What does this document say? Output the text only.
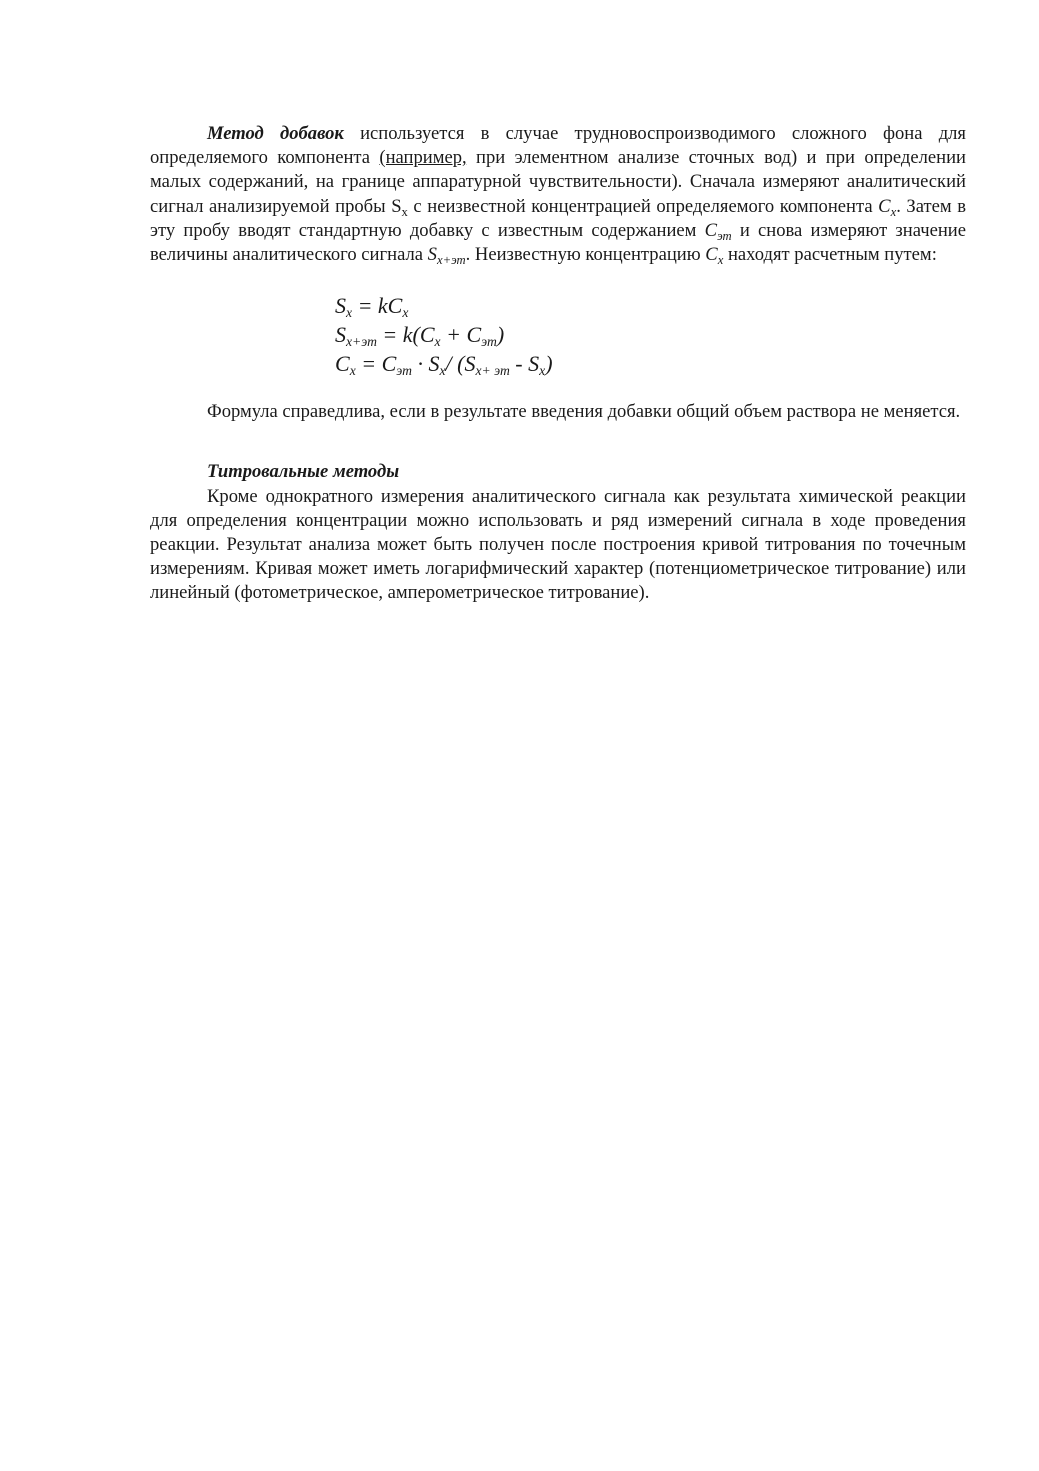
Метод добавок используется в случае трудновоспроизводимого сложного фона для определяемого компонента (например, при элементном анализе сточных вод) и при определении малых содержаний, на границе аппаратурной чувствительности). Сначала измеряют аналитический сигнал анализируемой пробы $S_x$ с неизвестной концентрацией определяемого компонента $C_x$. Затем в эту пробу вводят стандартную добавку с известным содержанием $C_{эт}$ и снова измеряют значение величины аналитического сигнала $S_{x+эт}$. Неизвестную концентрацию $C_x$ находят расчетным путем:

$S_x = kC_x$
$S_{x+эт} = k(C_x + C_{эт})$
$C_x = C_{эт} \cdot S_x/$ $(S_{x+ эт} - S_x)$

Формула справедлива, если в результате введения добавки общий объем раствора не меняется.

Титровальные методы

Кроме однократного измерения аналитического сигнала как результата химической реакции для определения концентрации можно использовать и ряд измерений сигнала в ходе проведения реакции. Результат анализа может быть получен после построения кривой титрования по точечным измерениям. Кривая может иметь логарифмический характер (потенциометрическое титрование) или линейный (фотометрическое, амперометрическое титрование).
